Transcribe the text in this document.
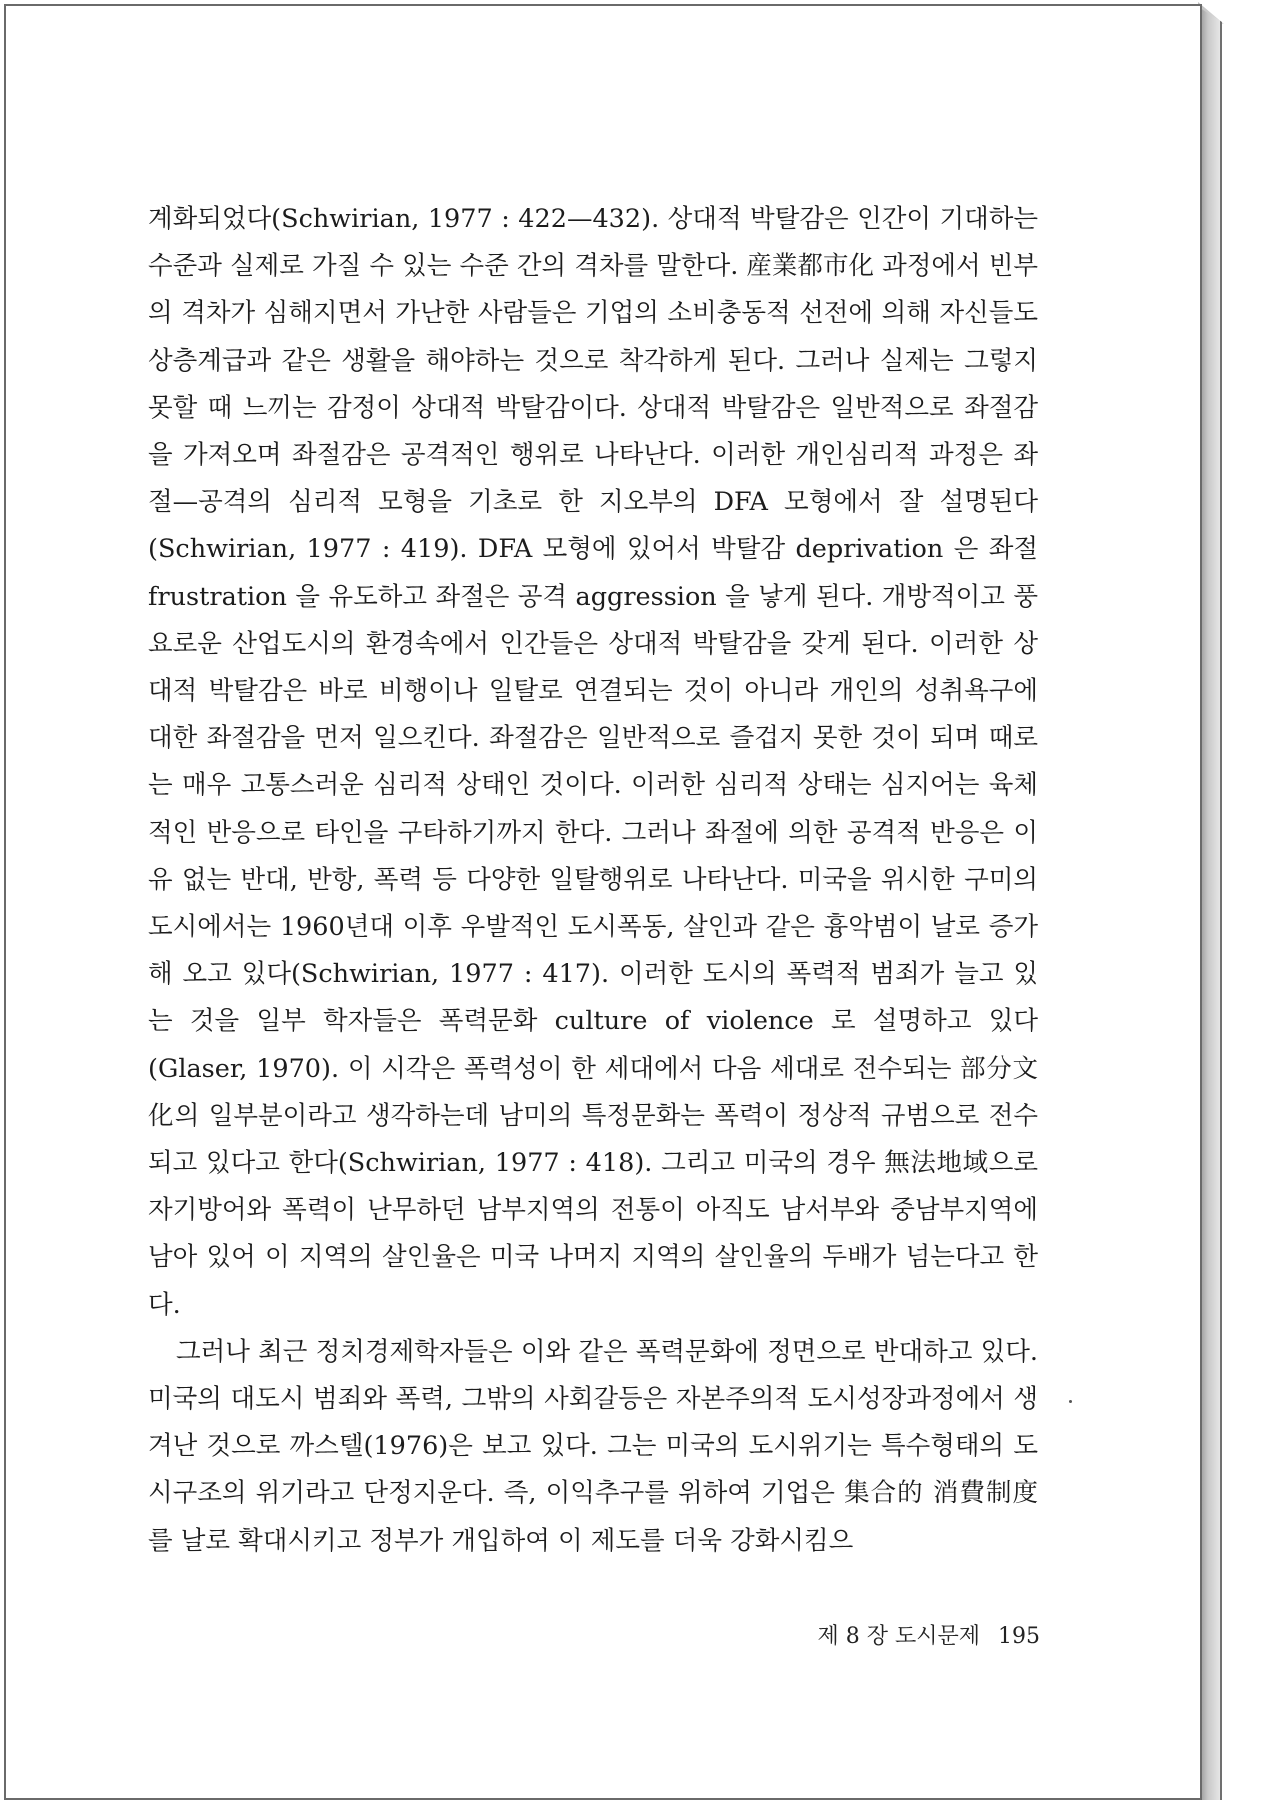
계화되었다(Schwirian, 1977 : 422—432). 상대적 박탈감은 인간이 기대하는 수준과 실제로 가질 수 있는 수준 간의 격차를 말한다. 産業都市化 과정에서 빈부의 격차가 심해지면서 가난한 사람들은 기업의 소비충동적 선전에 의해 자신들도 상층계급과 같은 생활을 해야하는 것으로 착각하게 된다. 그러나 실제는 그렇지 못할 때 느끼는 감정이 상대적 박탈감이다. 상대적 박탈감은 일반적으로 좌절감을 가져오며 좌절감은 공격적인 행위로 나타난다. 이러한 개인심리적 과정은 좌절—공격의 심리적 모형을 기초로 한 지오부의 DFA 모형에서 잘 설명된다(Schwirian, 1977 : 419). DFA 모형에 있어서 박탈감 deprivation 은 좌절 frustration 을 유도하고 좌절은 공격 aggression 을 낳게 된다. 개방적이고 풍요로운 산업도시의 환경속에서 인간들은 상대적 박탈감을 갖게 된다. 이러한 상대적 박탈감은 바로 비행이나 일탈로 연결되는 것이 아니라 개인의 성취욕구에 대한 좌절감을 먼저 일으킨다. 좌절감은 일반적으로 즐겁지 못한 것이 되며 때로는 매우 고통스러운 심리적 상태인 것이다. 이러한 심리적 상태는 심지어는 육체적인 반응으로 타인을 구타하기까지 한다. 그러나 좌절에 의한 공격적 반응은 이유 없는 반대, 반항, 폭력 등 다양한 일탈행위로 나타난다. 미국을 위시한 구미의 도시에서는 1960년대 이후 우발적인 도시폭동, 살인과 같은 흉악범이 날로 증가해 오고 있다(Schwirian, 1977 : 417). 이러한 도시의 폭력적 범죄가 늘고 있는 것을 일부 학자들은 폭력문화 culture of violence 로 설명하고 있다(Glaser, 1970). 이 시각은 폭력성이 한 세대에서 다음 세대로 전수되는 部分文化의 일부분이라고 생각하는데 남미의 특정문화는 폭력이 정상적 규범으로 전수되고 있다고 한다(Schwirian, 1977 : 418). 그리고 미국의 경우 無法地域으로 자기방어와 폭력이 난무하던 남부지역의 전통이 아직도 남서부와 중남부지역에 남아 있어 이 지역의 살인율은 미국 나머지 지역의 살인율의 두배가 넘는다고 한다.

그러나 최근 정치경제학자들은 이와 같은 폭력문화에 정면으로 반대하고 있다. 미국의 대도시 범죄와 폭력, 그밖의 사회갈등은 자본주의적 도시성장과정에서 생겨난 것으로 까스텔(1976)은 보고 있다. 그는 미국의 도시위기는 특수형태의 도시구조의 위기라고 단정지운다. 즉, 이익추구를 위하여 기업은 集合的 消費制度를 날로 확대시키고 정부가 개입하여 이 제도를 더욱 강화시킴으

제 8 장 도시문제 195
